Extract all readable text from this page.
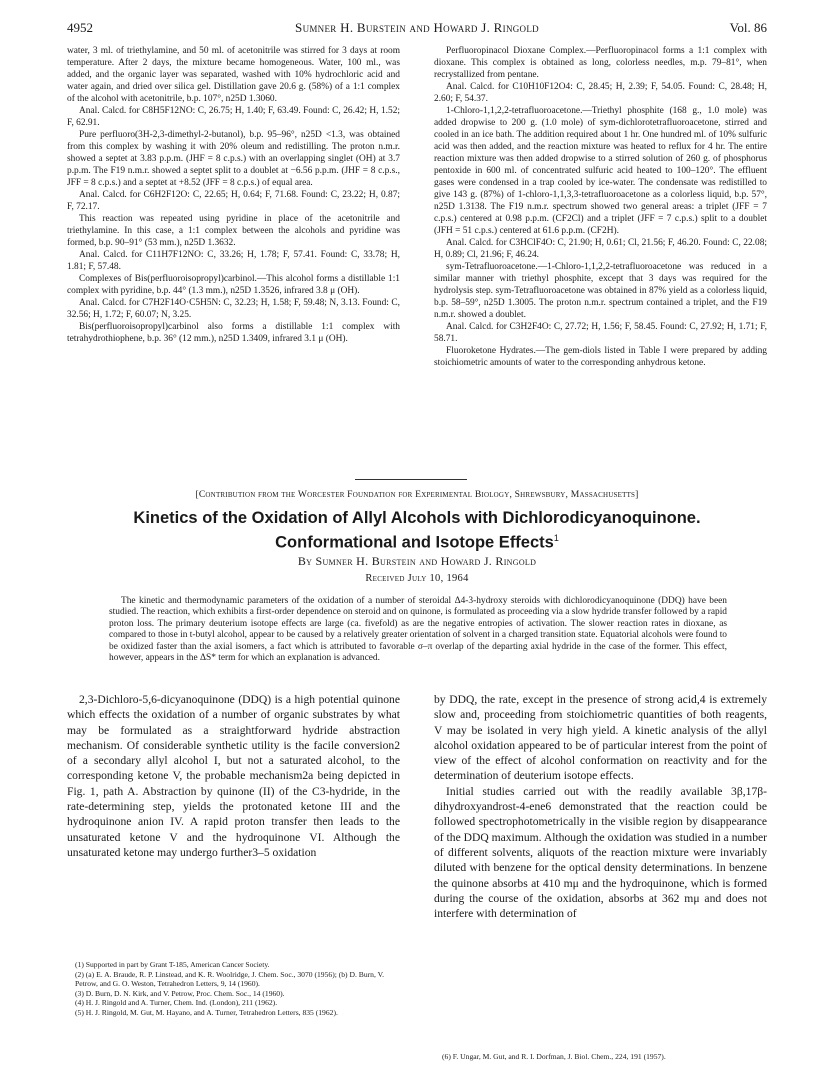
4952	Sumner H. Burstein and Howard J. Ringold	Vol. 86

water, 3 ml. of triethylamine, and 50 ml. of acetonitrile was stirred for 3 days at room temperature. After 2 days, the mixture became homogeneous. Water, 100 ml., was added, and the organic layer was separated, washed with 10% hydrochloric acid and water again, and dried over silica gel. Distillation gave 20.6 g. (58%) of a 1:1 complex of the alcohol with acetonitrile, b.p. 107°, n25D 1.3060.

Anal. Calcd. for C8H5F12NO: C, 26.75; H, 1.40; F, 63.49. Found: C, 26.42; H, 1.52; F, 62.91.

Pure perfluoro(3H-2,3-dimethyl-2-butanol), b.p. 95–96°, n25D <1.3, was obtained from this complex by washing it with 20% oleum and redistilling. The proton n.m.r. showed a septet at 3.83 p.p.m. (JHF = 8 c.p.s.) with an overlapping singlet (OH) at 3.7 p.p.m. The F19 n.m.r. showed a septet split to a doublet at −6.56 p.p.m. (JHF = 8 c.p.s., JFF = 8 c.p.s.) and a septet at +8.52 (JFF = 8 c.p.s.) of equal area.

Anal. Calcd. for C6H2F12O: C, 22.65; H, 0.64; F, 71.68. Found: C, 23.22; H, 0.87; F, 72.17.

This reaction was repeated using pyridine in place of the acetonitrile and triethylamine. In this case, a 1:1 complex between the alcohols and pyridine was formed, b.p. 90–91° (53 mm.), n25D 1.3632.

Anal. Calcd. for C11H7F12NO: C, 33.26; H, 1.78; F, 57.41. Found: C, 33.78; H, 1.81; F, 57.48.

Complexes of Bis(perfluoroisopropyl)carbinol.—This alcohol forms a distillable 1:1 complex with pyridine, b.p. 44° (1.3 mm.), n25D 1.3526, infrared 3.8 μ (OH).

Anal. Calcd. for C7H2F14O·C5H5N: C, 32.23; H, 1.58; F, 59.48; N, 3.13. Found: C, 32.56; H, 1.72; F, 60.07; N, 3.25.

Bis(perfluoroisopropyl)carbinol also forms a distillable 1:1 complex with tetrahydrothiophene, b.p. 36° (12 mm.), n25D 1.3409, infrared 3.1 μ (OH).

Perfluoropinacol Dioxane Complex.—Perfluoropinacol forms a 1:1 complex with dioxane. This complex is obtained as long, colorless needles, m.p. 79–81°, when recrystallized from pentane.

Anal. Calcd. for C10H10F12O4: C, 28.45; H, 2.39; F, 54.05. Found: C, 28.48; H, 2.60; F, 54.37.

1-Chloro-1,1,2,2-tetrafluoroacetone.—Triethyl phosphite (168 g., 1.0 mole) was added dropwise to 200 g. (1.0 mole) of sym-dichlorotetrafluoroacetone, stirred and cooled in an ice bath. The addition required about 1 hr. One hundred ml. of 10% sulfuric acid was then added, and the reaction mixture was heated to reflux for 4 hr. The entire reaction mixture was then added dropwise to a stirred solution of 260 g. of phosphorus pentoxide in 600 ml. of concentrated sulfuric acid heated to 100–120°. The effluent gases were condensed in a trap cooled by ice-water. The condensate was redistilled to give 143 g. (87%) of 1-chloro-1,1,3,3-tetrafluoroacetone as a colorless liquid, b.p. 57°, n25D 1.3138. The F19 n.m.r. spectrum showed two general areas: a triplet (JFF = 7 c.p.s.) centered at 0.98 p.p.m. (CF2Cl) and a triplet (JFF = 7 c.p.s.) split to a doublet (JFH = 51 c.p.s.) centered at 61.6 p.p.m. (CF2H).

Anal. Calcd. for C3HClF4O: C, 21.90; H, 0.61; Cl, 21.56; F, 46.20. Found: C, 22.08; H, 0.89; Cl, 21.96; F, 46.24.

sym-Tetrafluoroacetone.—1-Chloro-1,1,2,2-tetrafluoroacetone was reduced in a similar manner with triethyl phosphite, except that 3 days was required for the hydrolysis step. sym-Tetrafluoroacetone was obtained in 87% yield as a colorless liquid, b.p. 58–59°, n25D 1.3005. The proton n.m.r. spectrum contained a triplet, and the F19 n.m.r. showed a doublet.

Anal. Calcd. for C3H2F4O: C, 27.72; H, 1.56; F, 58.45. Found: C, 27.92; H, 1.71; F, 58.71.

Fluoroketone Hydrates.—The gem-diols listed in Table I were prepared by adding stoichiometric amounts of water to the corresponding anhydrous ketone.

[Contribution from the Worcester Foundation for Experimental Biology, Shrewsbury, Massachusetts]
Kinetics of the Oxidation of Allyl Alcohols with Dichlorodicyanoquinone.
Conformational and Isotope Effects$^1$
By Sumner H. Burstein and Howard J. Ringold
Received July 10, 1964

The kinetic and thermodynamic parameters of the oxidation of a number of steroidal Δ4-3-hydroxy steroids with dichlorodicyanoquinone (DDQ) have been studied. The reaction, which exhibits a first-order dependence on steroid and on quinone, is formulated as proceeding via a slow hydride transfer followed by a rapid proton loss. The primary deuterium isotope effects are large (ca. fivefold) as are the negative entropies of activation. The slower reaction rates in dioxane, as compared to those in t-butyl alcohol, appear to be caused by a relatively greater orientation of solvent in a charged transition state. Equatorial alcohols were found to be oxidized faster than the axial isomers, a fact which is attributed to favorable σ–π overlap of the departing axial hydride in the case of the former. This effect, however, appears in the ΔS* term for which an explanation is advanced.

2,3-Dichloro-5,6-dicyanoquinone (DDQ) is a high potential quinone which effects the oxidation of a number of organic substrates by what may be formulated as a straightforward hydride abstraction mechanism. Of considerable synthetic utility is the facile conversion2 of a secondary allyl alcohol I, but not a saturated alcohol, to the corresponding ketone V, the probable mechanism2a being depicted in Fig. 1, path A. Abstraction by quinone (II) of the C3-hydride, in the rate-determining step, yields the protonated ketone III and the hydroquinone anion IV. A rapid proton transfer then leads to the unsaturated ketone V and the hydroquinone VI. Although the unsaturated ketone may undergo further3–5 oxidation

by DDQ, the rate, except in the presence of strong acid,4 is extremely slow and, proceeding from stoichiometric quantities of both reagents, V may be isolated in very high yield. A kinetic analysis of the allyl alcohol oxidation appeared to be of particular interest from the point of view of the effect of alcohol conformation on reactivity and for the determination of deuterium isotope effects.

Initial studies carried out with the readily available 3β,17β-dihydroxyandrost-4-ene6 demonstrated that the reaction could be followed spectrophotometrically in the visible region by disappearance of the DDQ maximum. Although the oxidation was studied in a number of different solvents, aliquots of the reaction mixture were invariably diluted with benzene for the optical density determinations. In benzene the quinone absorbs at 410 mμ and the hydroquinone, which is formed during the course of the oxidation, absorbs at 362 mμ and does not interfere with determination of

(1) Supported in part by Grant T-185, American Cancer Society.

(2) (a) E. A. Braude, R. P. Linstead, and K. R. Woolridge, J. Chem. Soc., 3070 (1956); (b) D. Burn, V. Petrow, and G. O. Weston, Tetrahedron Letters, 9, 14 (1960).

(3) D. Burn, D. N. Kirk, and V. Petrow, Proc. Chem. Soc., 14 (1960).

(4) H. J. Ringold and A. Turner, Chem. Ind. (London), 211 (1962).

(5) H. J. Ringold, M. Gut, M. Hayano, and A. Turner, Tetrahedron Letters, 835 (1962).

(6) F. Ungar, M. Gut, and R. I. Dorfman, J. Biol. Chem., 224, 191 (1957).
